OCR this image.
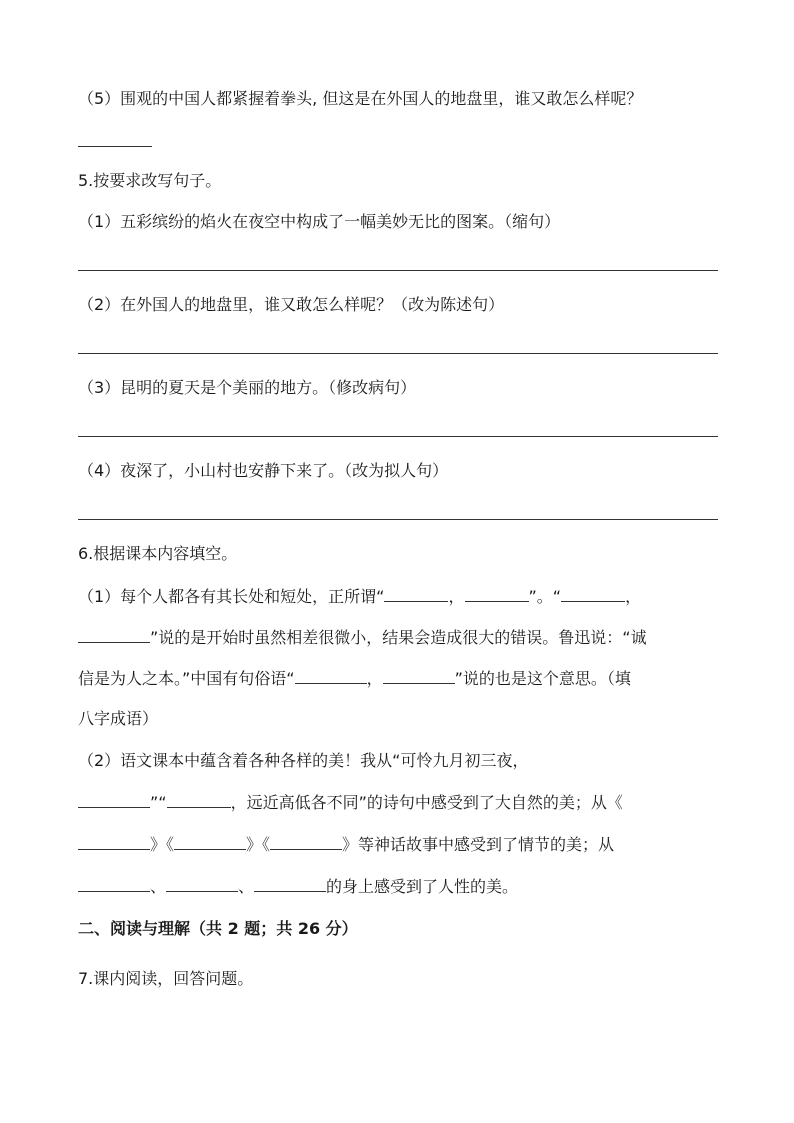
（5）围观的中国人都紧握着拳头, 但这是在外国人的地盘里，谁又敢怎么样呢？
5.按要求改写句子。
（1）五彩缤纷的焰火在夜空中构成了一幅美妙无比的图案。（缩句）
（2）在外国人的地盘里，谁又敢怎么样呢？（改为陈述句）
（3）昆明的夏天是个美丽的地方。（修改病句）
（4）夜深了，小山村也安静下来了。（改为拟人句）
6.根据课本内容填空。
（1）每个人都各有其长处和短处，正所谓“	，	”。“	，
”说的是开始时虽然相差很微小，结果会造成很大的错误。鲁迅说：“诚
信是为人之本。”中国有句俗语“	，	”说的也是这个意思。（填
八字成语）
（2）语文课本中蕴含着各种各样的美！我从“可怜九月初三夜，
”“	，远近高低各不同”的诗句中感受到了大自然的美；从《
》《	》《	》等神话故事中感受到了情节的美；从
、	、	的身上感受到了人性的美。
二、阅读与理解（共 2 题；共 26 分）
7.课内阅读，回答问题。
